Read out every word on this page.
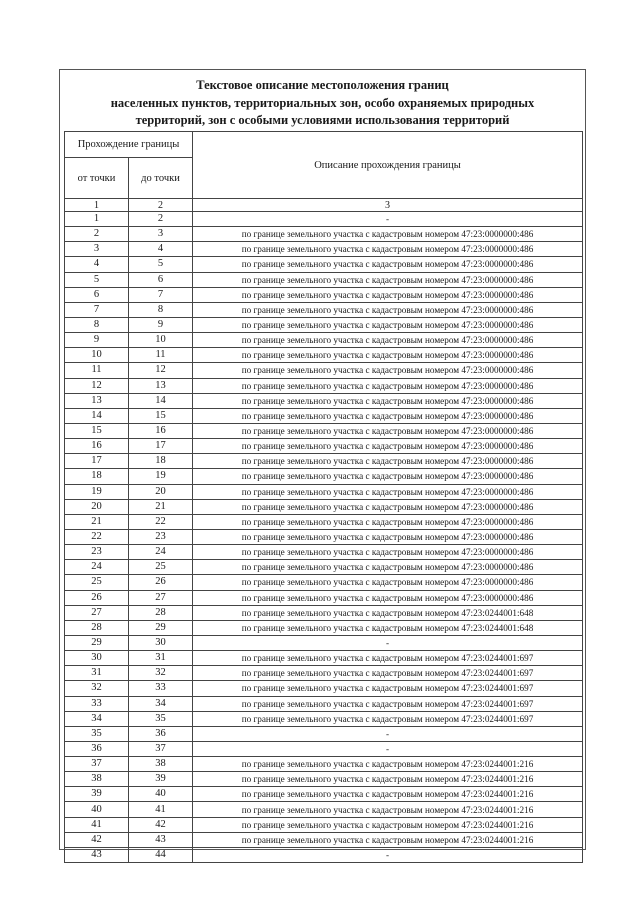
Текстовое описание местоположения границ
населенных пунктов, территориальных зон, особо охраняемых природных
территорий, зон с особыми условиями использования территорий
Прохождение границы		Описание прохождения границы
от точки	до точки	
1	2	3
1	2	-
2	3	по границе земельного участка с кадастровым номером 47:23:0000000:486
3	4	по границе земельного участка с кадастровым номером 47:23:0000000:486
4	5	по границе земельного участка с кадастровым номером 47:23:0000000:486
5	6	по границе земельного участка с кадастровым номером 47:23:0000000:486
6	7	по границе земельного участка с кадастровым номером 47:23:0000000:486
7	8	по границе земельного участка с кадастровым номером 47:23:0000000:486
8	9	по границе земельного участка с кадастровым номером 47:23:0000000:486
9	10	по границе земельного участка с кадастровым номером 47:23:0000000:486
10	11	по границе земельного участка с кадастровым номером 47:23:0000000:486
11	12	по границе земельного участка с кадастровым номером 47:23:0000000:486
12	13	по границе земельного участка с кадастровым номером 47:23:0000000:486
13	14	по границе земельного участка с кадастровым номером 47:23:0000000:486
14	15	по границе земельного участка с кадастровым номером 47:23:0000000:486
15	16	по границе земельного участка с кадастровым номером 47:23:0000000:486
16	17	по границе земельного участка с кадастровым номером 47:23:0000000:486
17	18	по границе земельного участка с кадастровым номером 47:23:0000000:486
18	19	по границе земельного участка с кадастровым номером 47:23:0000000:486
19	20	по границе земельного участка с кадастровым номером 47:23:0000000:486
20	21	по границе земельного участка с кадастровым номером 47:23:0000000:486
21	22	по границе земельного участка с кадастровым номером 47:23:0000000:486
22	23	по границе земельного участка с кадастровым номером 47:23:0000000:486
23	24	по границе земельного участка с кадастровым номером 47:23:0000000:486
24	25	по границе земельного участка с кадастровым номером 47:23:0000000:486
25	26	по границе земельного участка с кадастровым номером 47:23:0000000:486
26	27	по границе земельного участка с кадастровым номером 47:23:0000000:486
27	28	по границе земельного участка с кадастровым номером 47:23:0244001:648
28	29	по границе земельного участка с кадастровым номером 47:23:0244001:648
29	30	-
30	31	по границе земельного участка с кадастровым номером 47:23:0244001:697
31	32	по границе земельного участка с кадастровым номером 47:23:0244001:697
32	33	по границе земельного участка с кадастровым номером 47:23:0244001:697
33	34	по границе земельного участка с кадастровым номером 47:23:0244001:697
34	35	по границе земельного участка с кадастровым номером 47:23:0244001:697
35	36	-
36	37	-
37	38	по границе земельного участка с кадастровым номером 47:23:0244001:216
38	39	по границе земельного участка с кадастровым номером 47:23:0244001:216
39	40	по границе земельного участка с кадастровым номером 47:23:0244001:216
40	41	по границе земельного участка с кадастровым номером 47:23:0244001:216
41	42	по границе земельного участка с кадастровым номером 47:23:0244001:216
42	43	по границе земельного участка с кадастровым номером 47:23:0244001:216
43	44	-
